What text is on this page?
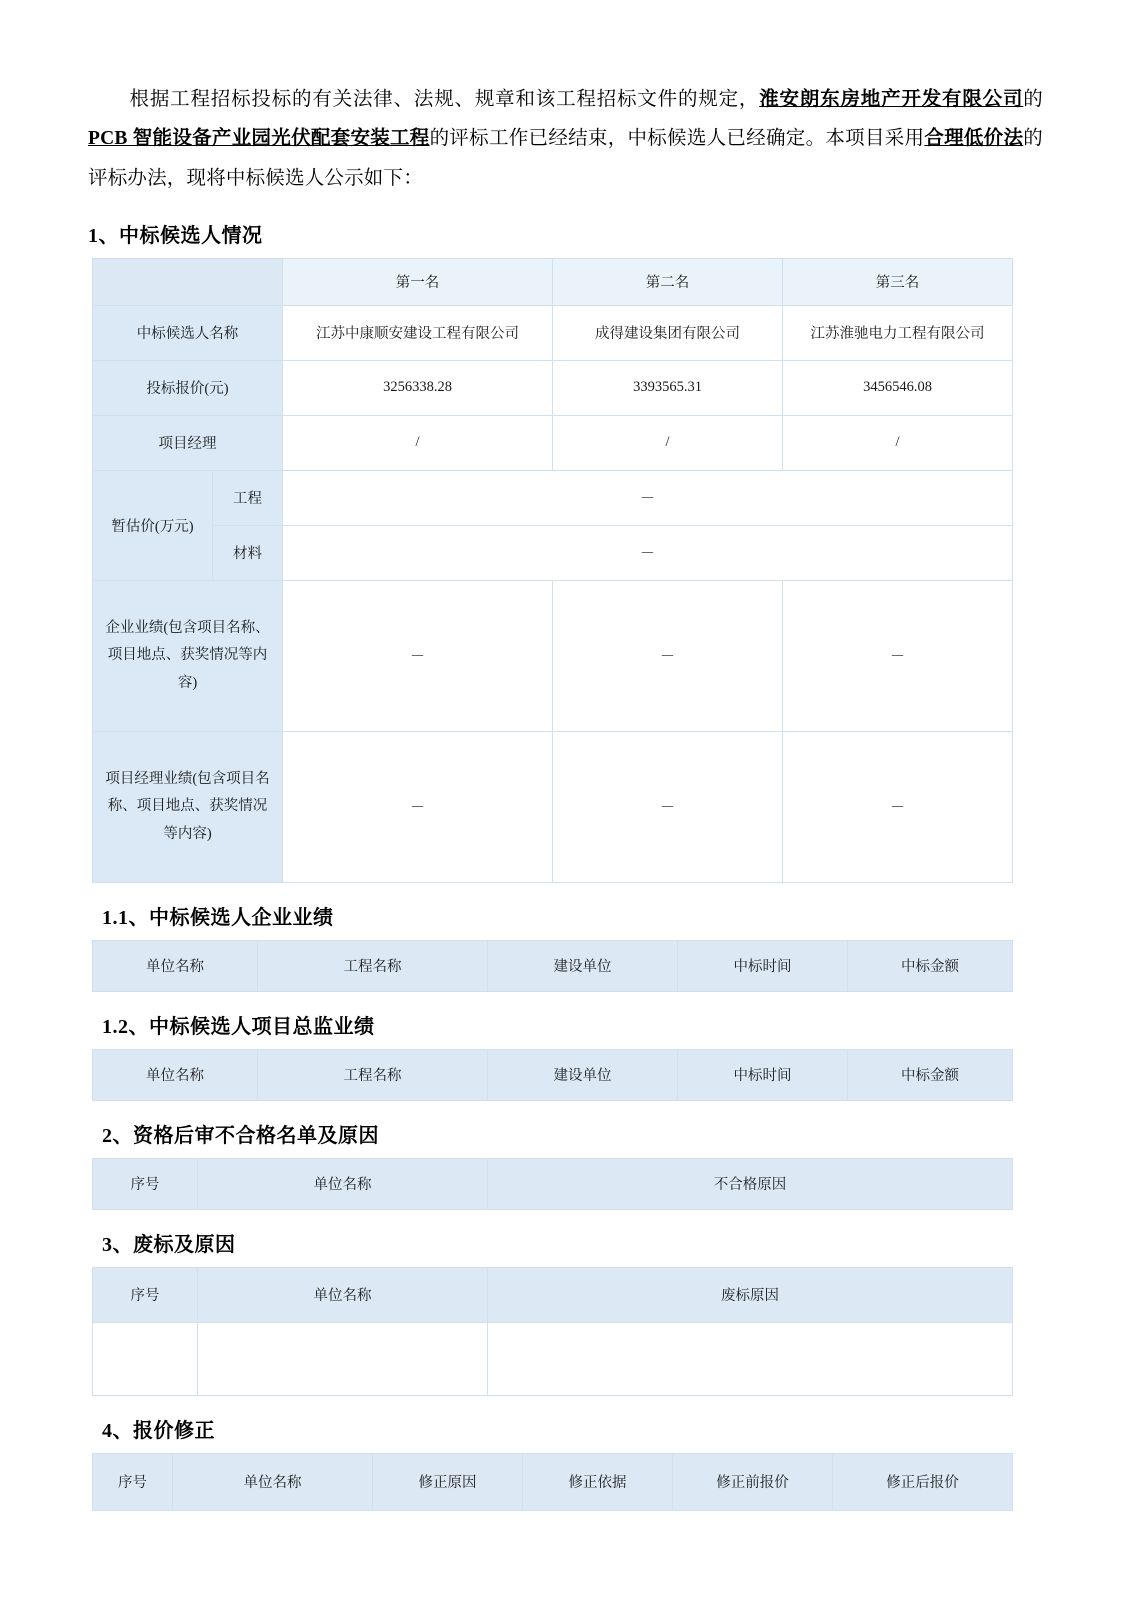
根据工程招标投标的有关法律、法规、规章和该工程招标文件的规定，淮安朗东房地产开发有限公司的PCB 智能设备产业园光伏配套安装工程的评标工作已经结束，中标候选人已经确定。本项目采用合理低价法的评标办法，现将中标候选人公示如下：

1、中标候选人情况
		第一名	第二名	第三名
中标候选人名称		江苏中康顺安建设工程有限公司	成得建设集团有限公司	江苏淮驰电力工程有限公司
投标报价(元)		3256338.28	3393565.31	3456546.08
项目经理		/	/	/
暂估价(万元)	工程	－		
	材料	－		
企业业绩(包含项目名称、项目地点、获奖情况等内容)		－	－	－
项目经理业绩(包含项目名称、项目地点、获奖情况等内容)		－	－	－
1.1、中标候选人企业业绩
单位名称	工程名称	建设单位	中标时间	中标金额
1.2、中标候选人项目总监业绩
单位名称	工程名称	建设单位	中标时间	中标金额
2、资格后审不合格名单及原因
序号	单位名称	不合格原因
3、废标及原因
序号	单位名称	废标原因

4、报价修正
序号	单位名称	修正原因	修正依据	修正前报价	修正后报价
